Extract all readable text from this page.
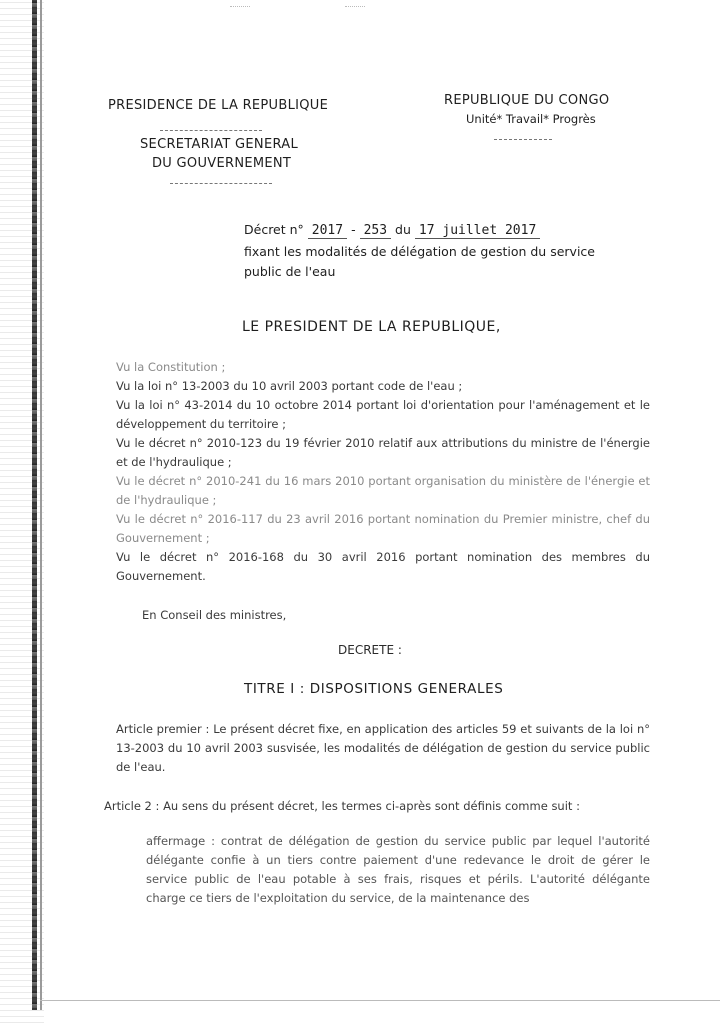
PRESIDENCE DE LA REPUBLIQUE
SECRETARIAT GENERAL
DU GOUVERNEMENT
REPUBLIQUE DU CONGO
Unité* Travail* Progrès
Décret n° 2017 - 253 du 17 juillet 2017
fixant les modalités de délégation de gestion du service
public de l'eau
LE PRESIDENT DE LA REPUBLIQUE,

Vu la Constitution ;

Vu la loi n° 13-2003 du 10 avril 2003 portant code de l'eau ;

Vu la loi n° 43-2014 du 10 octobre 2014 portant loi d'orientation pour l'aménagement et le développement du territoire ;

Vu le décret n° 2010-123 du 19 février 2010 relatif aux attributions du ministre de l'énergie et de l'hydraulique ;

Vu le décret n° 2010-241 du 16 mars 2010 portant organisation du ministère de l'énergie et de l'hydraulique ;

Vu le décret n° 2016-117 du 23 avril 2016 portant nomination du Premier ministre, chef du Gouvernement ;

Vu le décret n° 2016-168 du 30 avril 2016 portant nomination des membres du Gouvernement.

En Conseil des ministres,
DECRETE :
TITRE I : DISPOSITIONS GENERALES
Article premier : Le présent décret fixe, en application des articles 59 et suivants de la loi n° 13-2003 du 10 avril 2003 susvisée, les modalités de délégation de gestion du service public de l'eau.
Article 2 : Au sens du présent décret, les termes ci-après sont définis comme suit :
affermage : contrat de délégation de gestion du service public par lequel l'autorité délégante confie à un tiers contre paiement d'une redevance le droit de gérer le service public de l'eau potable à ses frais, risques et périls. L'autorité délégante charge ce tiers de l'exploitation du service, de la maintenance des
